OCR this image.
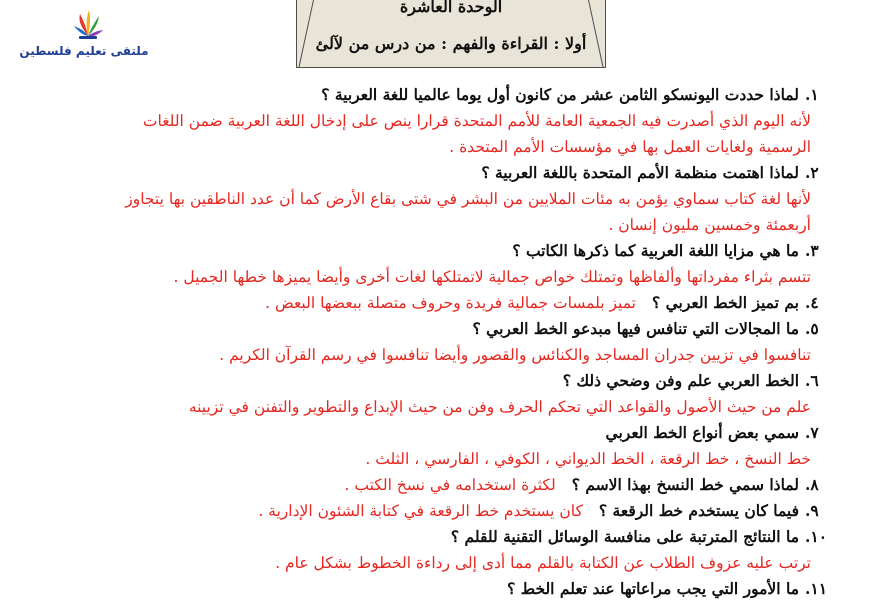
ملتقى تعليم فلسطين
الوحدة العاشرة
أولا : القراءة والفهم : من درس من لآلئ
١.
لماذا حددت اليونسكو الثامن عشر من كانون أول يوما عالميا للغة العربية ؟
لأنه اليوم الذي أصدرت فيه الجمعية العامة للأمم المتحدة قرارا ينص على إدخال اللغة العربية ضمن اللغات
الرسمية ولغايات العمل بها في مؤسسات الأمم المتحدة .
٢.
لماذا اهتمت منظمة الأمم المتحدة باللغة العربية ؟
لأنها لغة كتاب سماوي يؤمن به مئات الملايين من البشر في شتى بقاع الأرض كما أن عدد الناطقين بها يتجاوز
أربعمئة وخمسين مليون إنسان .
٣.
ما هي مزايا اللغة العربية كما ذكرها الكاتب ؟
تتسم بثراء مفرداتها وألفاظها وتمتلك خواص جمالية لاتمتلكها لغات أخرى وأيضا يميزها خطها الجميل .
٤.
بم تميز الخط العربي ؟
تميز بلمسات جمالية فريدة وحروف متصلة ببعضها البعض .
٥.
ما المجالات التي تنافس فيها مبدعو الخط العربي ؟
تنافسوا في تزيين جدران المساجد والكنائس والقصور وأيضا تنافسوا في رسم القرآن الكريم .
٦.
الخط العربي علم وفن وضحي ذلك ؟
علم من حيث الأصول والقواعد التي تحكم الحرف وفن من حيث الإبداع والتطوير والتفنن في تزيينه
٧.
سمي بعض أنواع الخط العربي
خط النسخ ، خط الرقعة ، الخط الديواني ، الكوفي ، الفارسي ، الثلث .
٨.
لماذا سمي خط النسخ بهذا الاسم ؟
لكثرة استخدامه في نسخ الكتب .
٩.
فيما كان يستخدم خط الرقعة ؟
كان يستخدم خط الرقعة في كتابة الشئون الإدارية .
١٠.
ما النتائج المترتبة على منافسة الوسائل التقنية للقلم ؟
ترتب عليه عزوف الطلاب عن الكتابة بالقلم مما أدى إلى رداءة الخطوط بشكل عام .
١١.
ما الأمور التي يجب مراعاتها عند تعلم الخط ؟
